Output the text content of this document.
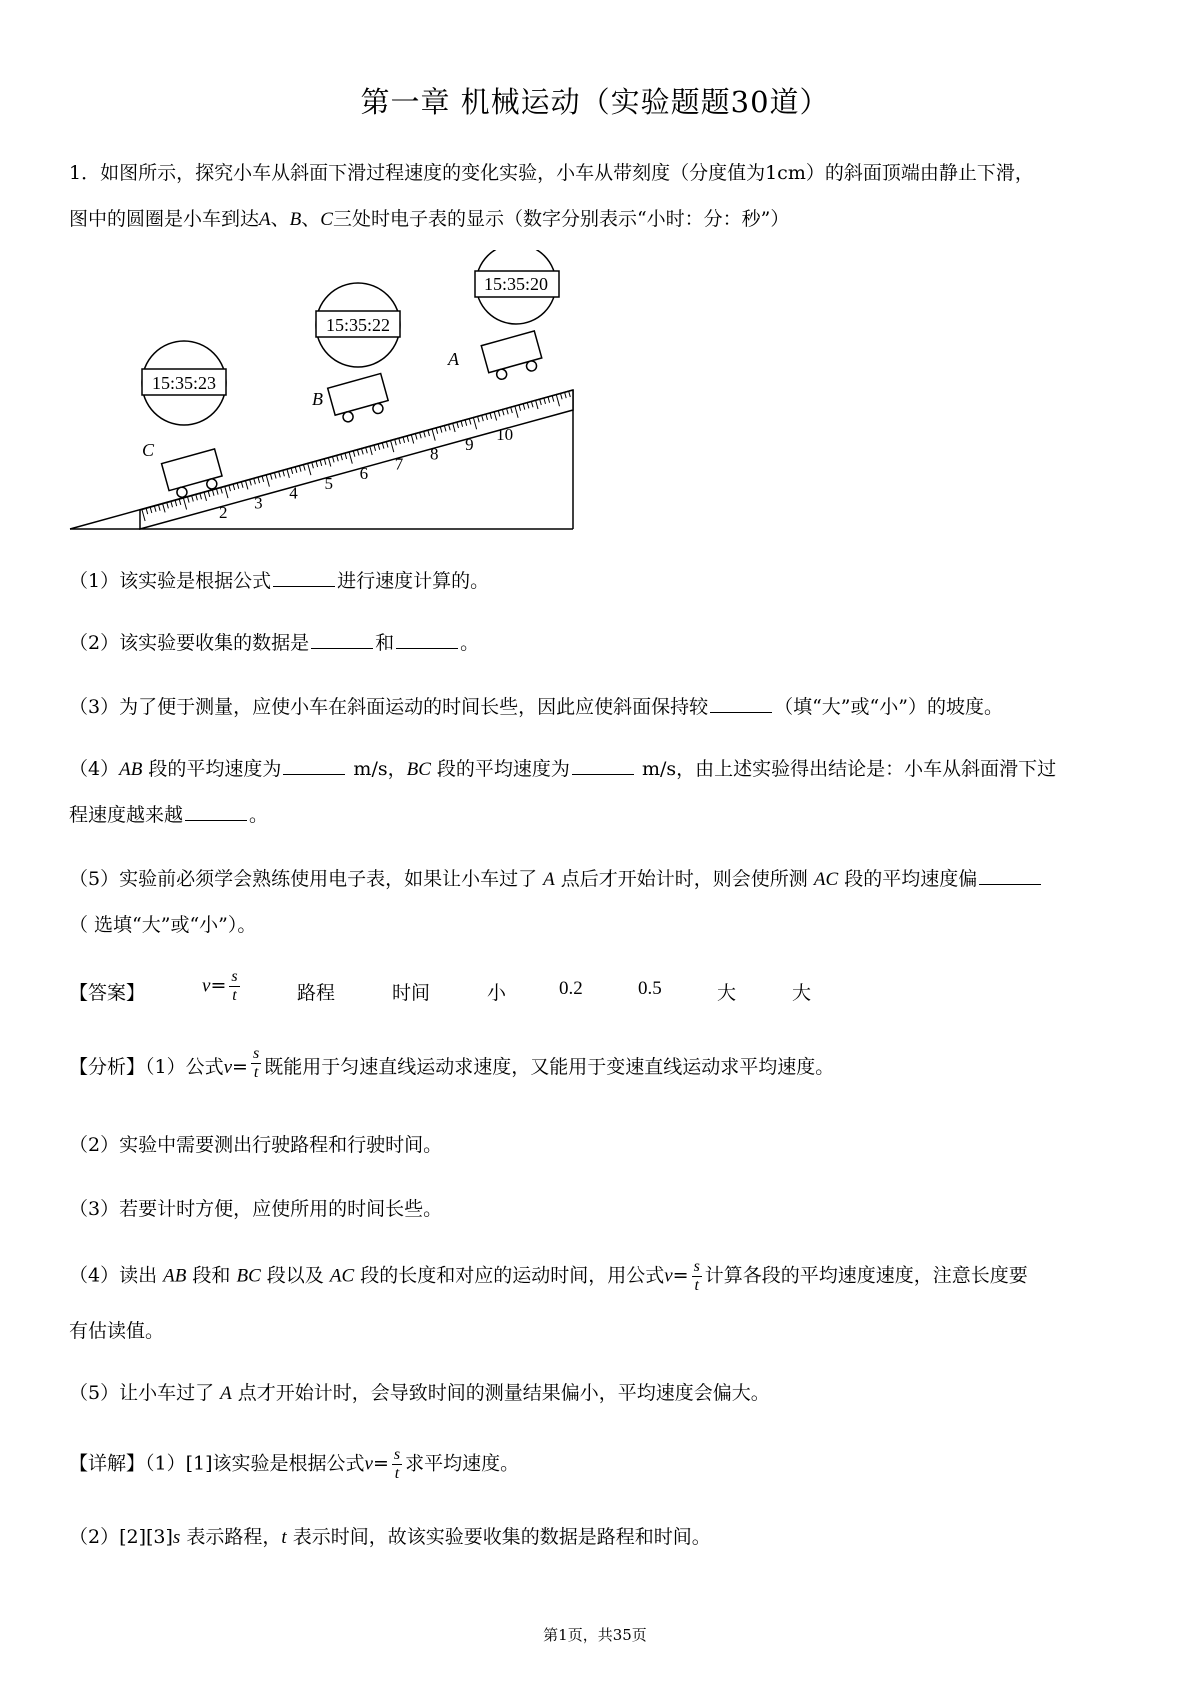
第一章 机械运动（实验题题30道）
1．如图所示，探究小车从斜面下滑过程速度的变化实验，小车从带刻度（分度值为1cm）的斜面顶端由静止下滑，
图中的圆圈是小车到达A、B、C三处时电子表的显示（数字分别表示“小时：分：秒”）
2
3
4
5
6
7
8
9
10
15:35:23
15:35:22
15:35:20
C
B
A
（1）该实验是根据公式	进行速度计算的。
（2）该实验要收集的数据是	和	。
（3）为了便于测量，应使小车在斜面运动的时间长些，因此应使斜面保持较	（填“大”或“小”）的坡度。
（4）AB 段的平均速度为	m/s，BC 段的平均速度为	m/s，由上述实验得出结论是：小车从斜面滑下过
程速度越来越	。
（5）实验前必须学会熟练使用电子表，如果让小车过了 A 点后才开始计时，则会使所测 AC 段的平均速度偏
（ 选填“大”或“小”）。
【答案】	$v= \frac{s}{t}$	路程	时间	小	0.2	0.5	大	大
【分析】（1）公式$v= \frac{s}{t}$ 既能用于匀速直线运动求速度，又能用于变速直线运动求平均速度。
（2）实验中需要测出行驶路程和行驶时间。
（3）若要计时方便，应使所用的时间长些。
（4）读出 AB 段和 BC 段以及 AC 段的长度和对应的运动时间，用公式$v= \frac{s}{t}$ 计算各段的平均速度速度，注意长度要
有估读值。
（5）让小车过了 A 点才开始计时，会导致时间的测量结果偏小，平均速度会偏大。
【详解】（1）[1]该实验是根据公式$v= \frac{s}{t}$ 求平均速度。
（2）[2][3]s 表示路程，t 表示时间，故该实验要收集的数据是路程和时间。
第1页，共35页
